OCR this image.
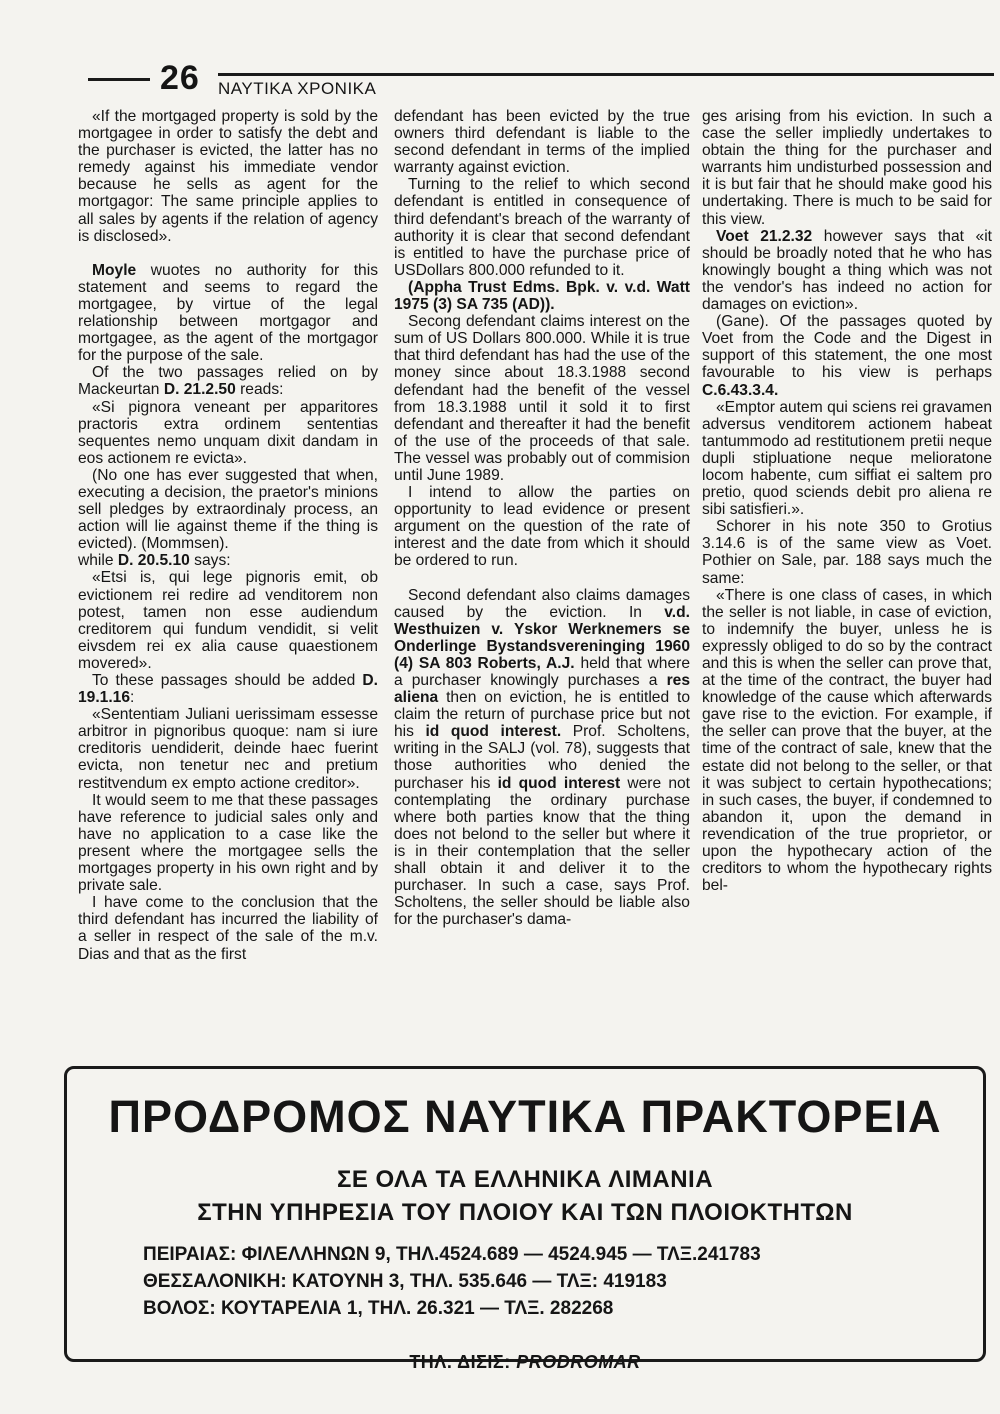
26 ΝΑΥΤΙΚΑ ΧΡΟΝΙΚΑ

«If the mortgaged property is sold by the mortgagee in order to satisfy the debt and the purchaser is evicted, the latter has no remedy against his immediate vendor because he sells as agent for the mortgagor: The same principle applies to all sales by agents if the relation of agency is disclosed».

Moyle wuotes no authority for this statement and seems to regard the mortgagee, by virtue of the legal relationship between mortgagor and mortgagee, as the agent of the mortgagor for the purpose of the sale.

Of the two passages relied on by Mackeurtan D. 21.2.50 reads:

«Si pignora veneant per apparitores practoris extra ordinem sententias sequentes nemo unquam dixit dandam in eos actionem re evicta».

(No one has ever suggested that when, executing a decision, the praetor's minions sell pledges by extraordinaly process, an action will lie against theme if the thing is evicted). (Mommsen).

while D. 20.5.10 says:

«Etsi is, qui lege pignoris emit, ob evictionem rei redire ad venditorem non potest, tamen non esse audiendum creditorem qui fundum vendidit, si velit eivsdem rei ex alia cause quaestionem movered».

To these passages should be added D. 19.1.16:

«Sententiam Juliani uerissimam essesse arbitror in pignoribus quoque: nam si iure creditoris uendiderit, deinde haec fuerint evicta, non tenetur nec and pretium restitvendum ex empto actione creditor».

It would seem to me that these passages have reference to judicial sales only and have no application to a case like the present where the mortgagee sells the mortgages property in his own right and by private sale.

I have come to the conclusion that the third defendant has incurred the liability of a seller in respect of the sale of the m.v. Dias and that as the first

defendant has been evicted by the true owners third defendant is liable to the second defendant in terms of the implied warranty against eviction.

Turning to the relief to which second defendant is entitled in consequence of third defendant's breach of the warranty of authority it is clear that second defendant is entitled to have the purchase price of USDollars 800.000 refunded to it.

(Appha Trust Edms. Bpk. v. v.d. Watt 1975 (3) SA 735 (AD)).

Secong defendant claims interest on the sum of US Dollars 800.000. While it is true that third defendant has had the use of the money since about 18.3.1988 second defendant had the benefit of the vessel from 18.3.1988 until it sold it to first defendant and thereafter it had the benefit of the use of the proceeds of that sale. The vessel was probably out of commision until June 1989.

I intend to allow the parties on opportunity to lead evidence or present argument on the question of the rate of interest and the date from which it should be ordered to run.

Second defendant also claims damages caused by the eviction. In v.d. Westhuizen v. Yskor Werknemers se Onderlinge Bystandsvereninging 1960 (4) SA 803 Roberts, A.J. held that where a purchaser knowingly purchases a res aliena then on eviction, he is entitled to claim the return of purchase price but not his id quod interest. Prof. Scholtens, writing in the SALJ (vol. 78), suggests that those authorities who denied the purchaser his id quod interest were not contemplating the ordinary purchase where both parties know that the thing does not belond to the seller but where it is in their contemplation that the seller shall obtain it and deliver it to the purchaser. In such a case, says Prof. Scholtens, the seller should be liable also for the purchaser's dama-

ges arising from his eviction. In such a case the seller impliedly undertakes to obtain the thing for the purchaser and warrants him undisturbed possession and it is but fair that he should make good his undertaking. There is much to be said for this view.

Voet 21.2.32 however says that «it should be broadly noted that he who has knowingly bought a thing which was not the vendor's has indeed no action for damages on eviction».

(Gane). Of the passages quoted by Voet from the Code and the Digest in support of this statement, the one most favourable to his view is perhaps C.6.43.3.4.

«Emptor autem qui sciens rei gravamen adversus venditorem actionem habeat tantummodo ad restitutionem pretii neque dupli stipluatione neque melioratone locom habente, cum siffiat ei saltem pro pretio, quod sciends debit pro aliena re sibi satisfieri.».

Schorer in his note 350 to Grotius 3.14.6 is of the same view as Voet. Pothier on Sale, par. 188 says much the same:

«There is one class of cases, in which the seller is not liable, in case of eviction, to indemnify the buyer, unless he is expressly obliged to do so by the contract and this is when the seller can prove that, at the time of the contract, the buyer had knowledge of the cause which afterwards gave rise to the eviction. For example, if the seller can prove that the buyer, at the time of the contract of sale, knew that the estate did not belong to the seller, or that it was subject to certain hypothecations; in such cases, the buyer, if condemned to abandon it, upon the demand in revendication of the true proprietor, or upon the hypothecary action of the creditors to whom the hypothecary rights bel-

ΠΡΟΔΡΟΜΟΣ ΝΑΥΤΙΚΑ ΠΡΑΚΤΟΡΕΙΑ
ΣΕ ΟΛΑ ΤΑ ΕΛΛΗΝΙΚΑ ΛΙΜΑΝΙΑ
ΣΤΗΝ ΥΠΗΡΕΣΙΑ ΤΟΥ ΠΛΟΙΟΥ ΚΑΙ ΤΩΝ ΠΛΟΙΟΚΤΗΤΩΝ
ΠΕΙΡΑΙΑΣ: ΦΙΛΕΛΛΗΝΩΝ 9, ΤΗΛ.4524.689 — 4524.945 — ΤΛΞ.241783
ΘΕΣΣΑΛΟΝΙΚΗ: ΚΑΤΟΥΝΗ 3, ΤΗΛ. 535.646 — ΤΛΞ: 419183
ΒΟΛΟΣ: ΚΟΥΤΑΡΕΛΙΑ 1, ΤΗΛ. 26.321 — ΤΛΞ. 282268
ΤΗΛ. ΔΙΣΙΣ: PRODROMAR
